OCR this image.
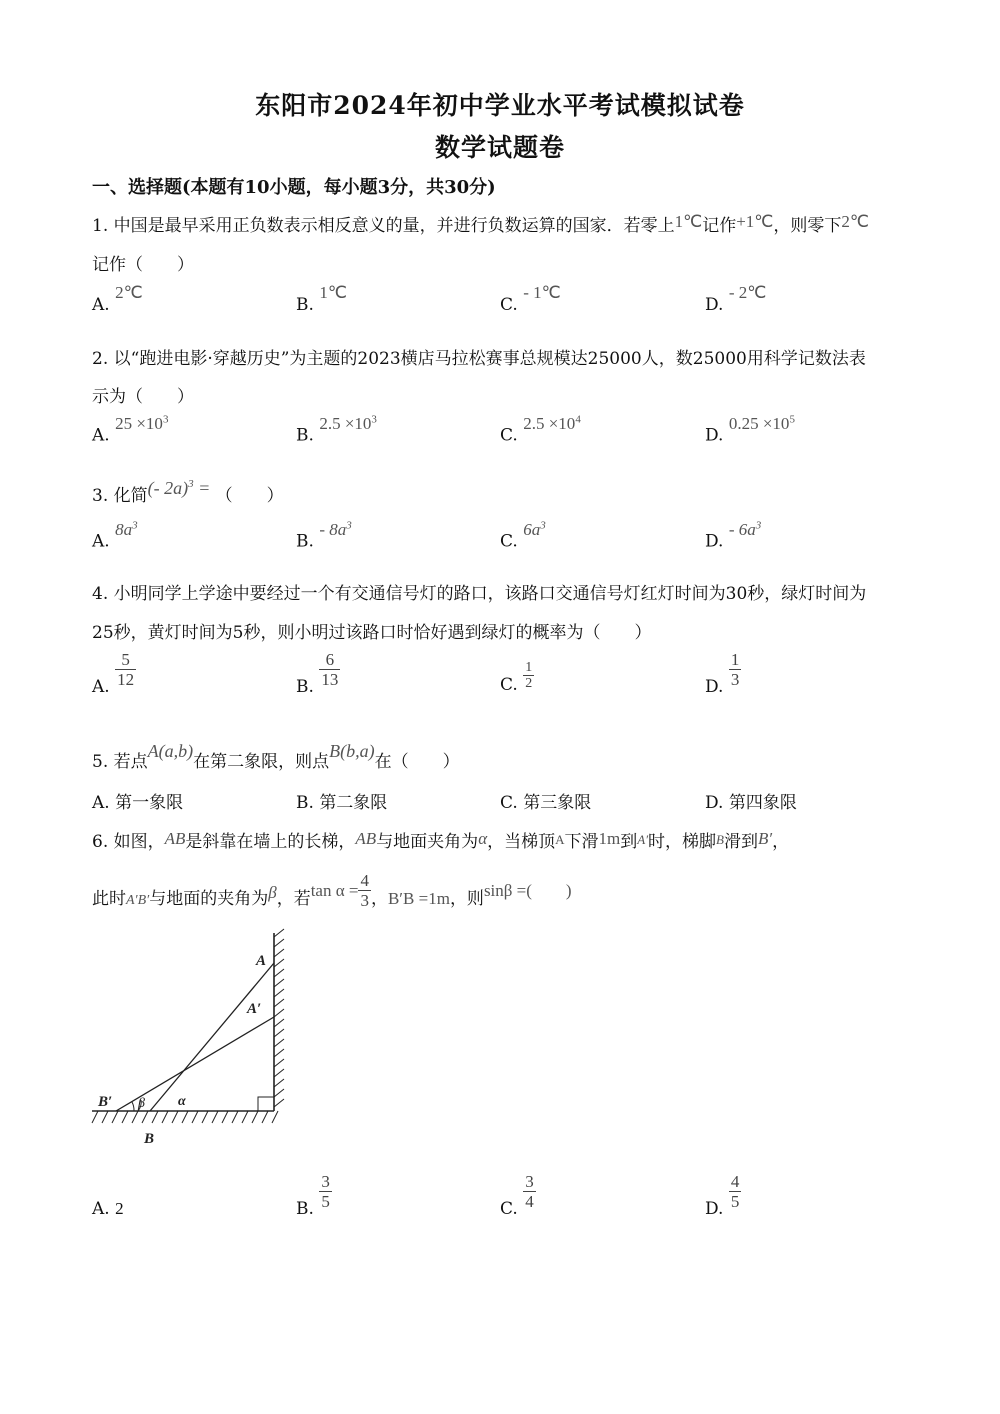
东阳市2024年初中学业水平考试模拟试卷
数学试题卷
一、选择题(本题有10小题，每小题3分，共30分)
1. 中国是最早采用正负数表示相反意义的量，并进行负数运算的国家．若零上1℃记作+1℃，则零下2℃
记作（　　）
A. 2℃
B. 1℃
C. - 1℃
D. - 2℃
2. 以“跑进电影·穿越历史”为主题的2023横店马拉松赛事总规模达25000人，数25000用科学记数法表
示为（　　）
A. $25 \times 10^3$
B. $2.5 \times 10^3$
C. $2.5 \times 10^4$
D. $0.25 \times 10^5$
3. 化简(- 2a)$^3$ = （　　）
A. $8a^3$
B. - $8a^3$
C. $6a^3$
D. - $6a^3$
4. 小明同学上学途中要经过一个有交通信号灯的路口，该路口交通信号灯红灯时间为30秒，绿灯时间为
25秒，黄灯时间为5秒，则小明过该路口时恰好遇到绿灯的概率为（　　）
A. $\frac{5}{12}$	B. $\frac{6}{13}$	C. $\frac{1}{2}$	D. $\frac{1}{3}$
5. 若点A(a,b)在第二象限，则点B(b,a)在（　　）
A. 第一象限	B. 第二象限	C. 第三象限	D. 第四象限
6. 如图，AB是斜靠在墙上的长梯，AB与地面夹角为α，当梯顶A下滑1m到A′时，梯脚B滑到B′，
此时A′B′与地面的夹角为β，若$\tan \alpha = \frac{4}{3}$ ，B′B =1m，则sinβ =(　　)
A
A′
B′
B
β α
A. 2	B. $\frac{3}{5}$	C. $\frac{3}{4}$	D. $\frac{4}{5}$
